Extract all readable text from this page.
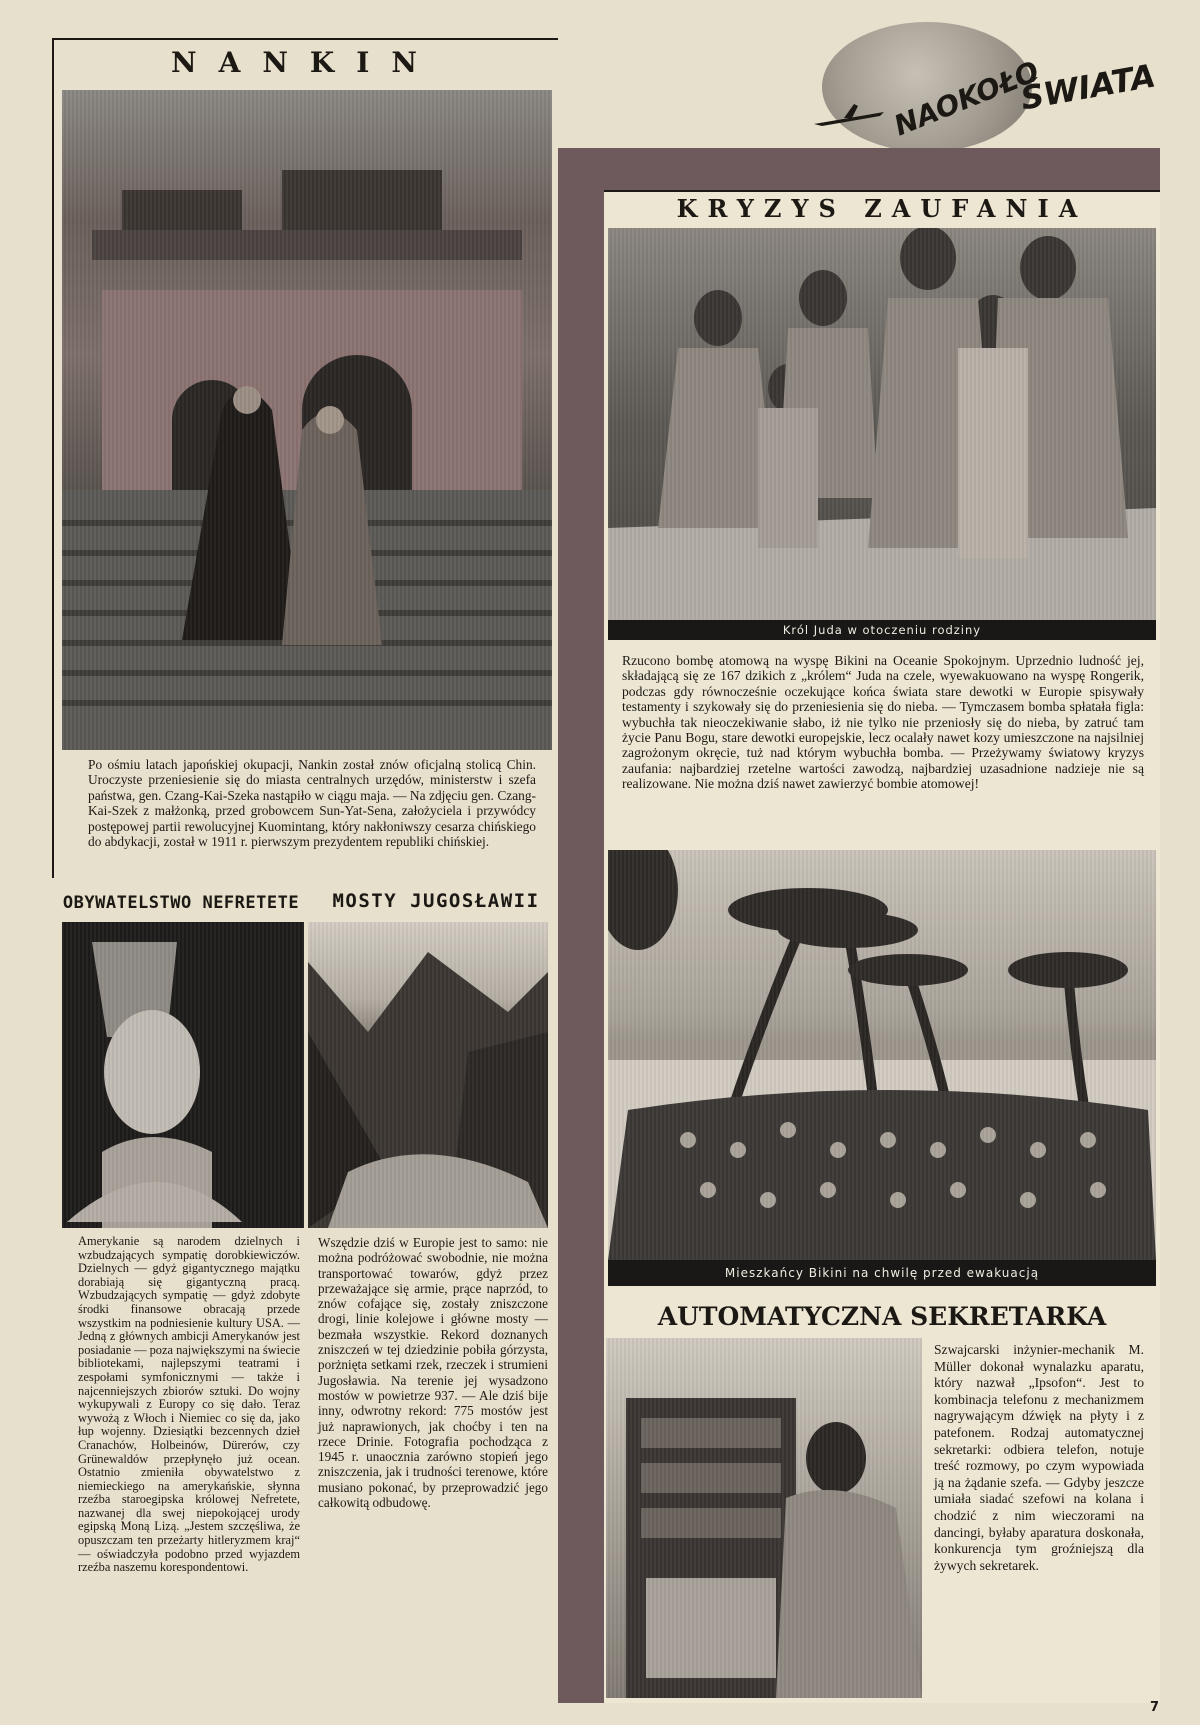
NANKIN
Po ośmiu latach japońskiej okupacji, Nankin został znów oficjalną stolicą Chin. Uroczyste przeniesienie się do miasta centralnych urzędów, ministerstw i szefa państwa, gen. Czang-Kai-Szeka nastąpiło w ciągu maja. — Na zdjęciu gen. Czang-Kai-Szek z małżonką, przed grobowcem Sun-Yat-Sena, założyciela i przywódcy postępowej partii rewolucyjnej Kuomintang, który nakłoniwszy cesarza chińskiego do abdykacji, został w 1911 r. pierwszym prezydentem republiki chińskiej.
OBYWATELSTWO NEFRETETE
Amerykanie są narodem dzielnych i wzbudzających sympatię dorobkiewiczów. Dzielnych — gdyż gigantycznego majątku dorabiają się gigantyczną pracą. Wzbudzających sympatię — gdyż zdobyte środki finansowe obracają przede wszystkim na podniesienie kultury USA. — Jedną z głównych ambicji Amerykanów jest posiadanie — poza największymi na świecie bibliotekami, najlepszymi teatrami i zespołami symfonicznymi — także i najcenniejszych zbiorów sztuki. Do wojny wykupywali z Europy co się dało. Teraz wywożą z Włoch i Niemiec co się da, jako łup wojenny. Dziesiątki bezcennych dzieł Cranachów, Holbeinów, Dürerów, czy Grünewaldów przepłynęło już ocean. Ostatnio zmieniła obywatelstwo z niemieckiego na amerykańskie, słynna rzeźba staroegipska królowej Nefretete, nazwanej dla swej niepokojącej urody egipską Moną Lizą. „Jestem szczęśliwa, że opuszczam ten przeżarty hitleryzmem kraj“ — oświadczyła podobno przed wyjazdem rzeźba naszemu korespondentowi.
MOSTY JUGOSŁAWII
Wszędzie dziś w Europie jest to samo: nie można podróżować swobodnie, nie można transportować towarów, gdyż przez przeważające się armie, prące naprzód, to znów cofające się, zostały zniszczone drogi, linie kolejowe i główne mosty — bezmała wszystkie. Rekord doznanych zniszczeń w tej dziedzinie pobiła górzysta, porżnięta setkami rzek, rzeczek i strumieni Jugosławia. Na terenie jej wysadzono mostów w powietrze 937. — Ale dziś bije inny, odwrotny rekord: 775 mostów jest już naprawionych, jak choćby i ten na rzece Drinie. Fotografia pochodząca z 1945 r. unaocznia zarówno stopień jego zniszczenia, jak i trudności terenowe, które musiano pokonać, by przeprowadzić jego całkowitą odbudowę.
NAOKOŁO
ŚWIATA
KRYZYS ZAUFANIA
Król Juda w otoczeniu rodziny
Rzucono bombę atomową na wyspę Bikini na Oceanie Spokojnym. Uprzednio ludność jej, składającą się ze 167 dzikich z „królem“ Juda na czele, wyewakuowano na wyspę Rongerik, podczas gdy równocześnie oczekujące końca świata stare dewotki w Europie spisywały testamenty i szykowały się do przeniesienia się do nieba. — Tymczasem bomba spłatała figla: wybuchła tak nieoczekiwanie słabo, iż nie tylko nie przeniosły się do nieba, by zatruć tam życie Panu Bogu, stare dewotki europejskie, lecz ocalały nawet kozy umieszczone na najsilniej zagrożonym okręcie, tuż nad którym wybuchła bomba. — Przeżywamy światowy kryzys zaufania: najbardziej rzetelne wartości zawodzą, najbardziej uzasadnione nadzieje nie są realizowane. Nie można dziś nawet zawierzyć bombie atomowej!
Mieszkańcy Bikini na chwilę przed ewakuacją
AUTOMATYCZNA SEKRETARKA
Szwajcarski inżynier-mechanik M. Müller dokonał wynalazku aparatu, który nazwał „Ipsofon“. Jest to kombinacja telefonu z mechanizmem nagrywającym dźwięk na płyty i z patefonem. Rodzaj automatycznej sekretarki: odbiera telefon, notuje treść rozmowy, po czym wypowiada ją na żądanie szefa. — Gdyby jeszcze umiała siadać szefowi na kolana i chodzić z nim wieczorami na dancingi, byłaby aparatura doskonała, konkurencja tym groźniejszą dla żywych sekretarek.
7
